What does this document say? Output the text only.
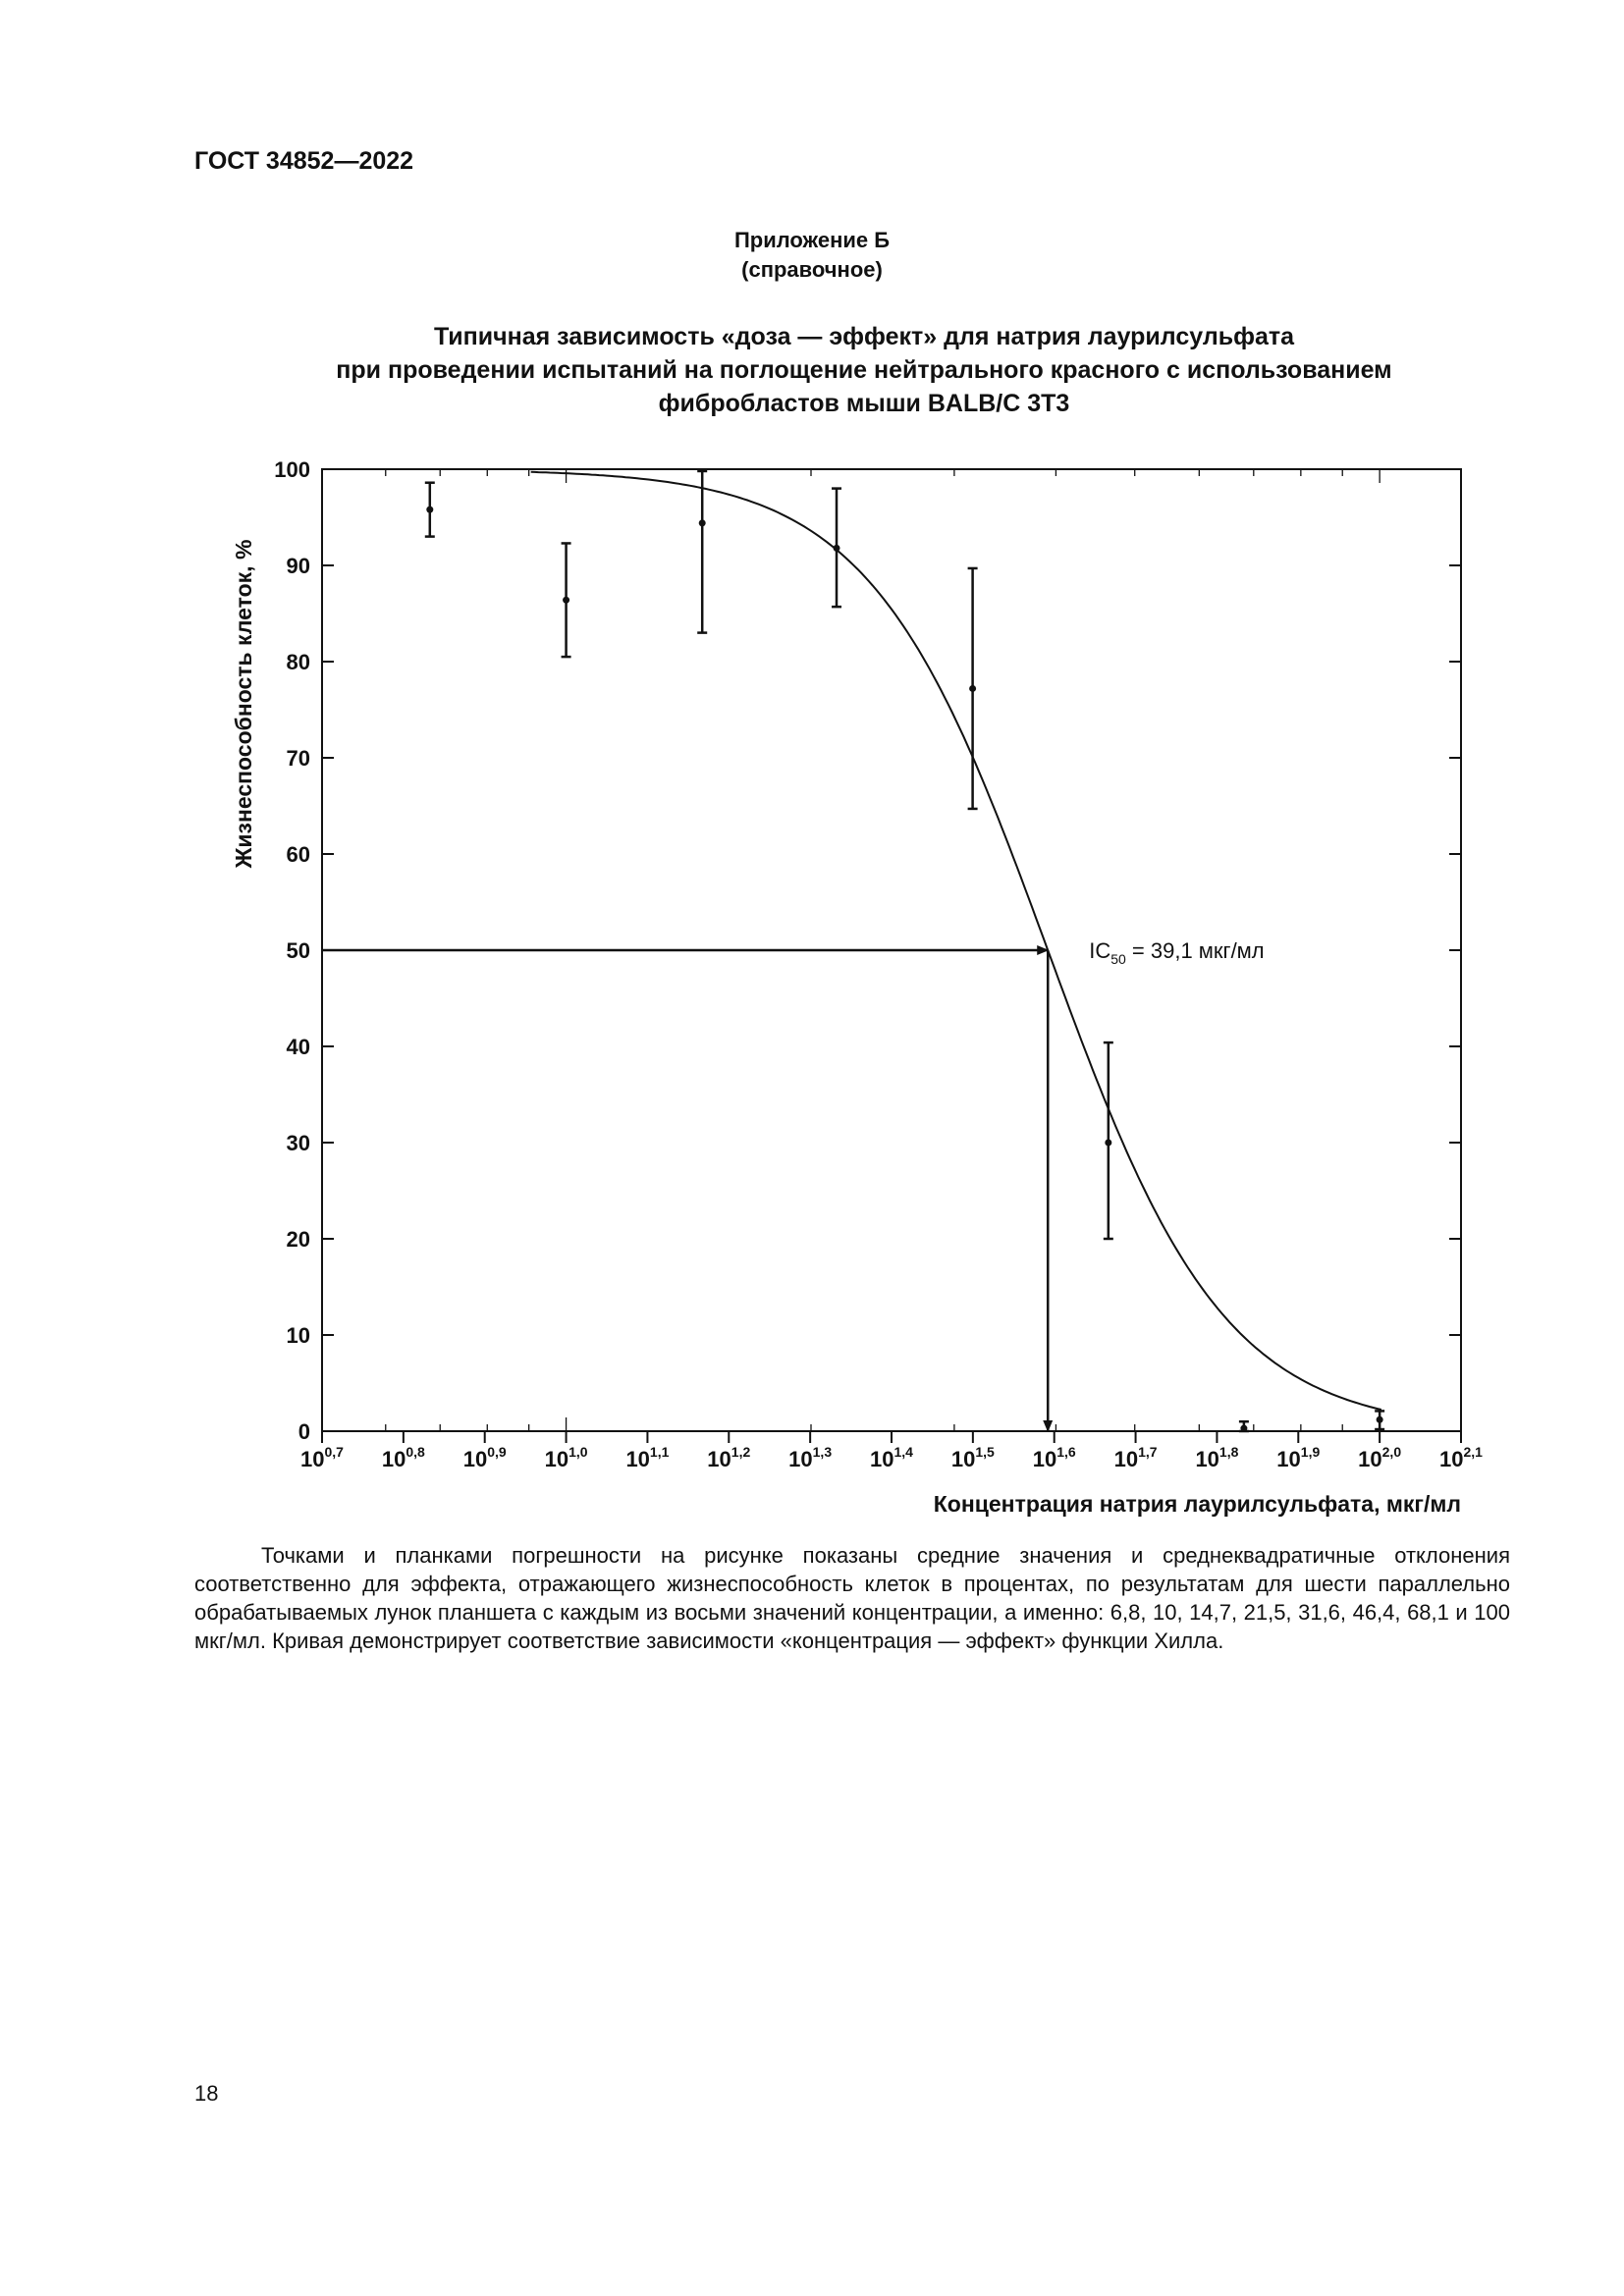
ГОСТ 34852—2022
Приложение Б
(справочное)
Типичная зависимость «доза — эффект» для натрия лаурилсульфата
при проведении испытаний на поглощение нейтрального красного с использованием
фибробластов мыши BALB/C 3T3
0
10
20
30
40
50
60
70
80
90
100
10$^{0,7}$ 10$^{0,8}$ 10$^{0,9}$ 10$^{1,0}$ 10$^{1,1}$ 10$^{1,2}$ 10$^{1,3}$ 10$^{1,4}$ 10$^{1,5}$ 10$^{1,6}$ 10$^{1,7}$ 10$^{1,8}$ 10$^{1,9}$ 10$^{2,0}$ 10$^{2,1}$
$IC_{50} = 39,1$ мкг/мл
Жизнеспособность клеток, %
Концентрация натрия лаурилсульфата, мкг/мл
Точками и планками погрешности на рисунке показаны средние значения и среднеквадратичные отклонения соответственно для эффекта, отражающего жизнеспособность клеток в процентах, по результатам для шести параллельно обрабатываемых лунок планшета с каждым из восьми значений концентрации, а именно: 6,8, 10, 14,7, 21,5, 31,6, 46,4, 68,1 и 100 мкг/мл. Кривая демонстрирует соответствие зависимости «концентрация — эффект» функции Хилла.
18
